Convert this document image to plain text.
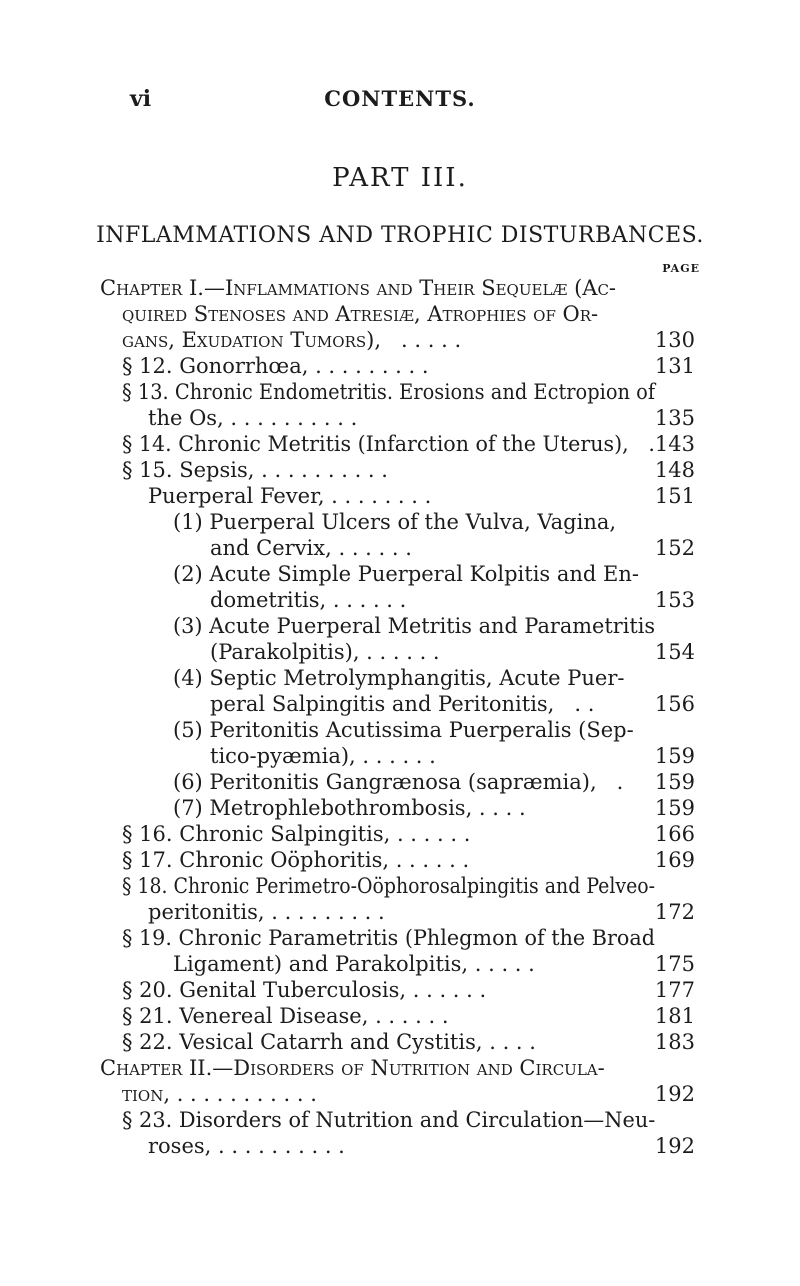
vi	CONTENTS.
PART III.
INFLAMMATIONS AND TROPHIC DISTURBANCES.
PAGE
Chapter I.—Inflammations and Their Sequelæ (Ac-
quired Stenoses and Atresiæ, Atrophies of Or-
gans, Exudation Tumors),   . . . . .	130
§ 12. Gonorrhœa, . . . . . . . . .	131
§ 13. Chronic Endometritis. Erosions and Ectropion of
the Os, . . . . . . . . . .	135
§ 14. Chronic Metritis (Infarction of the Uterus),   . 143
§ 15. Sepsis, . . . . . . . . . .	148
Puerperal Fever, . . . . . . . .	151
(1) Puerperal Ulcers of the Vulva, Vagina,
and Cervix, . . . . . .	152
(2) Acute Simple Puerperal Kolpitis and En-
dometritis, . . . . . .	153
(3) Acute Puerperal Metritis and Parametritis
(Parakolpitis), . . . . . .	154
(4) Septic Metrolymphangitis, Acute Puer-
peral Salpingitis and Peritonitis,   . .	156
(5) Peritonitis Acutissima Puerperalis (Sep-
tico-pyæmia), . . . . . .	159
(6) Peritonitis Gangrænosa (sapræmia),   . 159
(7) Metrophlebothrombosis, . . . .	159
§ 16. Chronic Salpingitis, . . . . . .	166
§ 17. Chronic Oöphoritis, . . . . . .	169
§ 18. Chronic Perimetro-Oöphorosalpingitis and Pelveo-
peritonitis, . . . . . . . . .	172
§ 19. Chronic Parametritis (Phlegmon of the Broad
Ligament) and Parakolpitis, . . . . .	175
§ 20. Genital Tuberculosis, . . . . . .	177
§ 21. Venereal Disease, . . . . . .	181
§ 22. Vesical Catarrh and Cystitis, . . . .	183
Chapter II.—Disorders of Nutrition and Circula-
tion, . . . . . . . . . . .	192
§ 23. Disorders of Nutrition and Circulation—Neu-
roses, . . . . . . . . . .	192
